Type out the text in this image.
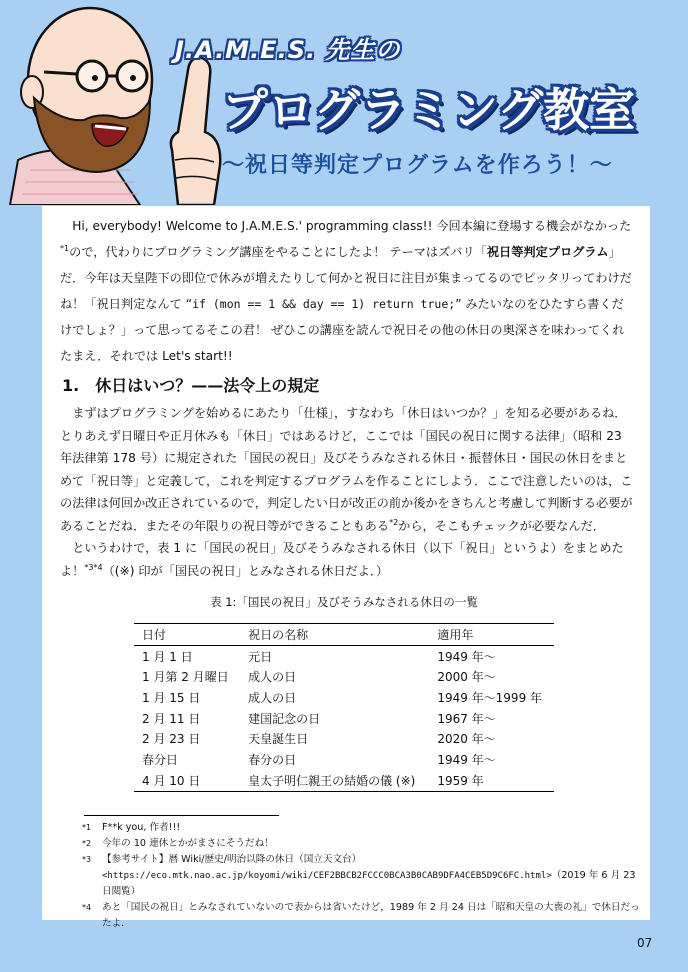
J.A.M.E.S. 先生の
プログラミング教室
〜祝日等判定プログラムを作ろう！〜

Hi, everybody! Welcome to J.A.M.E.S.' programming class!! 今回本編に登場する機会がなかった$^{*1}$ので，代わりにプログラミング講座をやることにしたよ！ テーマはズバリ「祝日等判定プログラム」だ．今年は天皇陛下の即位で休みが増えたりして何かと祝日に注目が集まってるのでピッタリってわけだね！「祝日判定なんて “if (mon == 1 && day == 1) return true;” みたいなのをひたすら書くだけでしょ？」って思ってるそこの君！ ぜひこの講座を読んで祝日その他の休日の奥深さを味わってくれたまえ．それでは Let's start!!

1.　休日はいつ？——法令上の規定

まずはプログラミングを始めるにあたり「仕様」，すなわち「休日はいつか？」を知る必要があるね．とりあえず日曜日や正月休みも「休日」ではあるけど，ここでは「国民の祝日に関する法律」（昭和 23 年法律第 178 号）に規定された「国民の祝日」及びそうみなされる休日・振替休日・国民の休日をまとめて「祝日等」と定義して，これを判定するプログラムを作ることにしよう．ここで注意したいのは，この法律は何回か改正されているので，判定したい日が改正の前か後かをきちんと考慮して判断する必要があることだね．またその年限りの祝日等ができることもある$^{*2}$から，そこもチェックが必要なんだ．

というわけで，表 1 に「国民の祝日」及びそうみなされる休日（以下「祝日」というよ）をまとめたよ！$^{*3*4}$（(※) 印が「国民の祝日」とみなされる休日だよ．）

表 1:「国民の祝日」及びそうみなされる休日の一覧

日付	祝日の名称	適用年
1 月 1 日	元日	1949 年〜
1 月第 2 月曜日	成人の日	2000 年〜
1 月 15 日	成人の日	1949 年〜1999 年
2 月 11 日	建国記念の日	1967 年〜
2 月 23 日	天皇誕生日	2020 年〜
春分日	春分の日	1949 年〜
4 月 10 日	皇太子明仁親王の結婚の儀 (※)	1959 年
*1 F**k you, 作者!!!
*2 今年の 10 連休とかがまさにそうだね！
*3 【参考サイト】暦 Wiki/歴史/明治以降の休日（国立天文台）<https://eco.mtk.nao.ac.jp/koyomi/wiki/CEF2BBCB2FCCC0BCA3B0CAB9DFA4CEB5D9C6FC.html>（2019 年 6 月 23 日閲覧）
*4 あと「国民の祝日」とみなされていないので表からは省いたけど，1989 年 2 月 24 日は「昭和天皇の大喪の礼」で休日だったよ．
07
